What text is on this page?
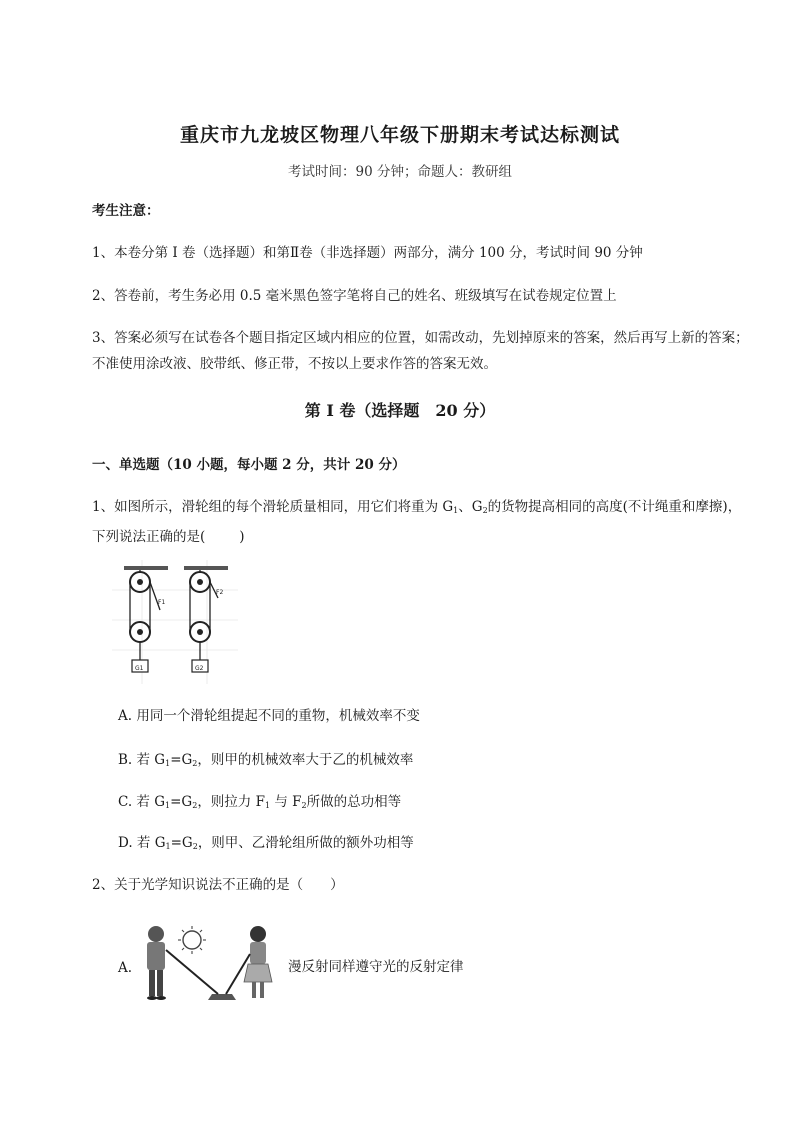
重庆市九龙坡区物理八年级下册期末考试达标测试
考试时间：90 分钟；命题人：教研组
考生注意：
1、本卷分第 I 卷（选择题）和第Ⅱ卷（非选择题）两部分，满分 100 分，考试时间 90 分钟
2、答卷前，考生务必用 0.5 毫米黑色签字笔将自己的姓名、班级填写在试卷规定位置上
3、答案必须写在试卷各个题目指定区域内相应的位置，如需改动，先划掉原来的答案，然后再写上新的答案；不准使用涂改液、胶带纸、修正带，不按以上要求作答的答案无效。
第 I 卷（选择题　20 分）
一、单选题（10 小题，每小题 2 分，共计 20 分）
1、如图所示，滑轮组的每个滑轮质量相同，用它们将重为 $G_1$、$G_2$的货物提高相同的高度(不计绳重和摩擦)，下列说法正确的是(	)
G1	G2
F1
F2
A. 用同一个滑轮组提起不同的重物，机械效率不变
B. 若 $G_1=G_2$，则甲的机械效率大于乙的机械效率
C. 若 $G_1=G_2$，则拉力 $F_1$ 与 $F_2$所做的总功相等
D. 若 $G_1=G_2$，则甲、乙滑轮组所做的额外功相等
2、关于光学知识说法不正确的是（　　）
A.	漫反射同样遵守光的反射定律
